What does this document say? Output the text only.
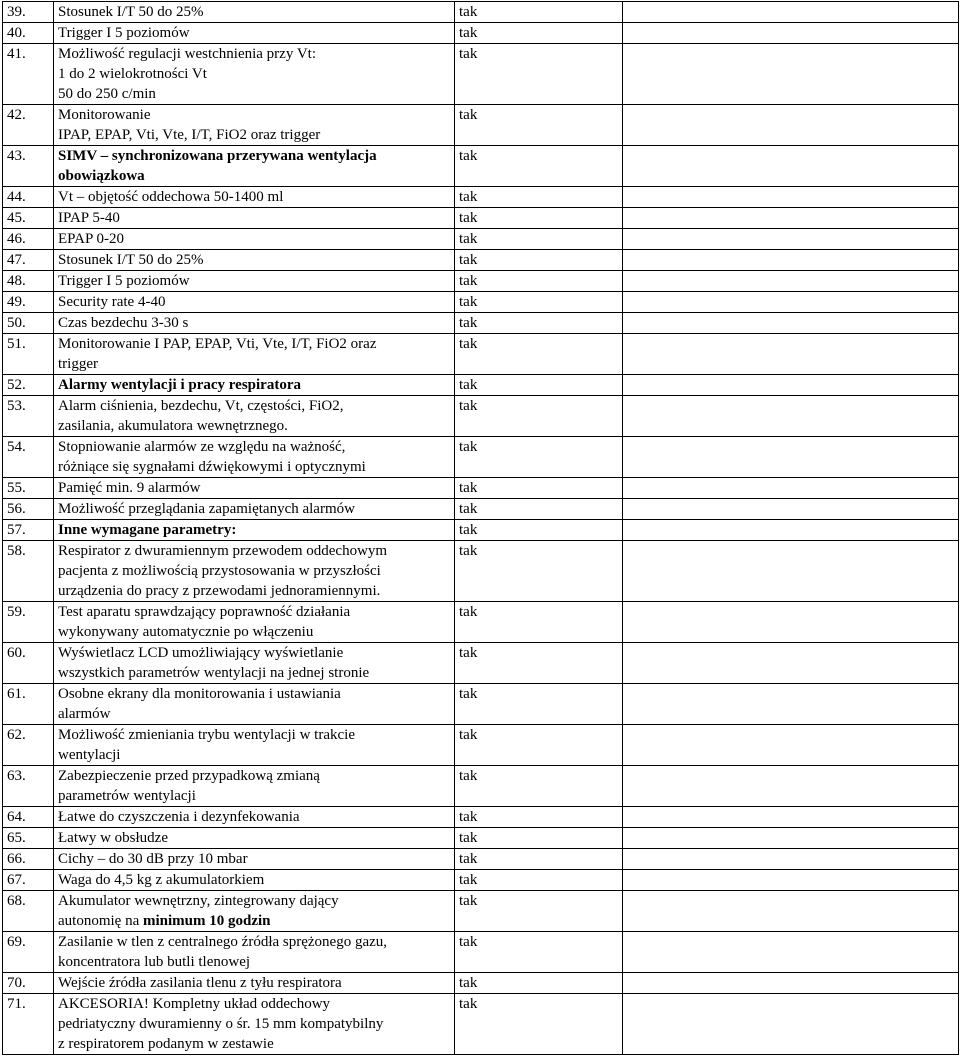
39.	Stosunek I/T 50 do 25%	tak	
40.	Trigger I 5 poziomów	tak	
41.	Możliwość regulacji westchnienia przy Vt:
1 do 2 wielokrotności Vt
50 do 250 c/min	tak	
42.	Monitorowanie
IPAP, EPAP, Vti, Vte, I/T, FiO2 oraz trigger	tak	
43.	SIMV – synchronizowana przerywana wentylacja
obowiązkowa	tak	
44.	Vt – objętość oddechowa 50-1400 ml	tak	
45.	IPAP 5-40	tak	
46.	EPAP 0-20	tak	
47.	Stosunek I/T 50 do 25%	tak	
48.	Trigger I 5 poziomów	tak	
49.	Security rate 4-40	tak	
50.	Czas bezdechu 3-30 s	tak	
51.	Monitorowanie I PAP, EPAP, Vti, Vte, I/T, FiO2 oraz
trigger	tak	
52.	Alarmy wentylacji i pracy respiratora	tak	
53.	Alarm ciśnienia, bezdechu, Vt, częstości, FiO2,
zasilania, akumulatora wewnętrznego.	tak	
54.	Stopniowanie alarmów ze względu na ważność,
różniące się sygnałami dźwiękowymi i optycznymi	tak	
55.	Pamięć min. 9 alarmów	tak	
56.	Możliwość przeglądania zapamiętanych alarmów	tak	
57.	Inne wymagane parametry:	tak	
58.	Respirator z dwuramiennym przewodem oddechowym
pacjenta z możliwością przystosowania w przyszłości
urządzenia do pracy z przewodami jednoramiennymi.	tak	
59.	Test aparatu sprawdzający poprawność działania
wykonywany automatycznie po włączeniu	tak	
60.	Wyświetlacz LCD umożliwiający wyświetlanie
wszystkich parametrów wentylacji na jednej stronie	tak	
61.	Osobne ekrany dla monitorowania i ustawiania
alarmów	tak	
62.	Możliwość zmieniania trybu wentylacji w trakcie
wentylacji	tak	
63.	Zabezpieczenie przed przypadkową zmianą
parametrów wentylacji	tak	
64.	Łatwe do czyszczenia i dezynfekowania	tak	
65.	Łatwy w obsłudze	tak	
66.	Cichy – do 30 dB przy 10 mbar	tak	
67.	Waga do 4,5 kg z akumulatorkiem	tak	
68.	Akumulator wewnętrzny, zintegrowany dający
autonomię na minimum 10 godzin	tak	
69.	Zasilanie w tlen z centralnego źródła sprężonego gazu,
koncentratora lub butli tlenowej	tak	
70.	Wejście źródła zasilania tlenu z tyłu respiratora	tak	
71.	AKCESORIA! Kompletny układ oddechowy
pedriatyczny dwuramienny o śr. 15 mm kompatybilny
z respiratorem podanym w zestawie	tak	
